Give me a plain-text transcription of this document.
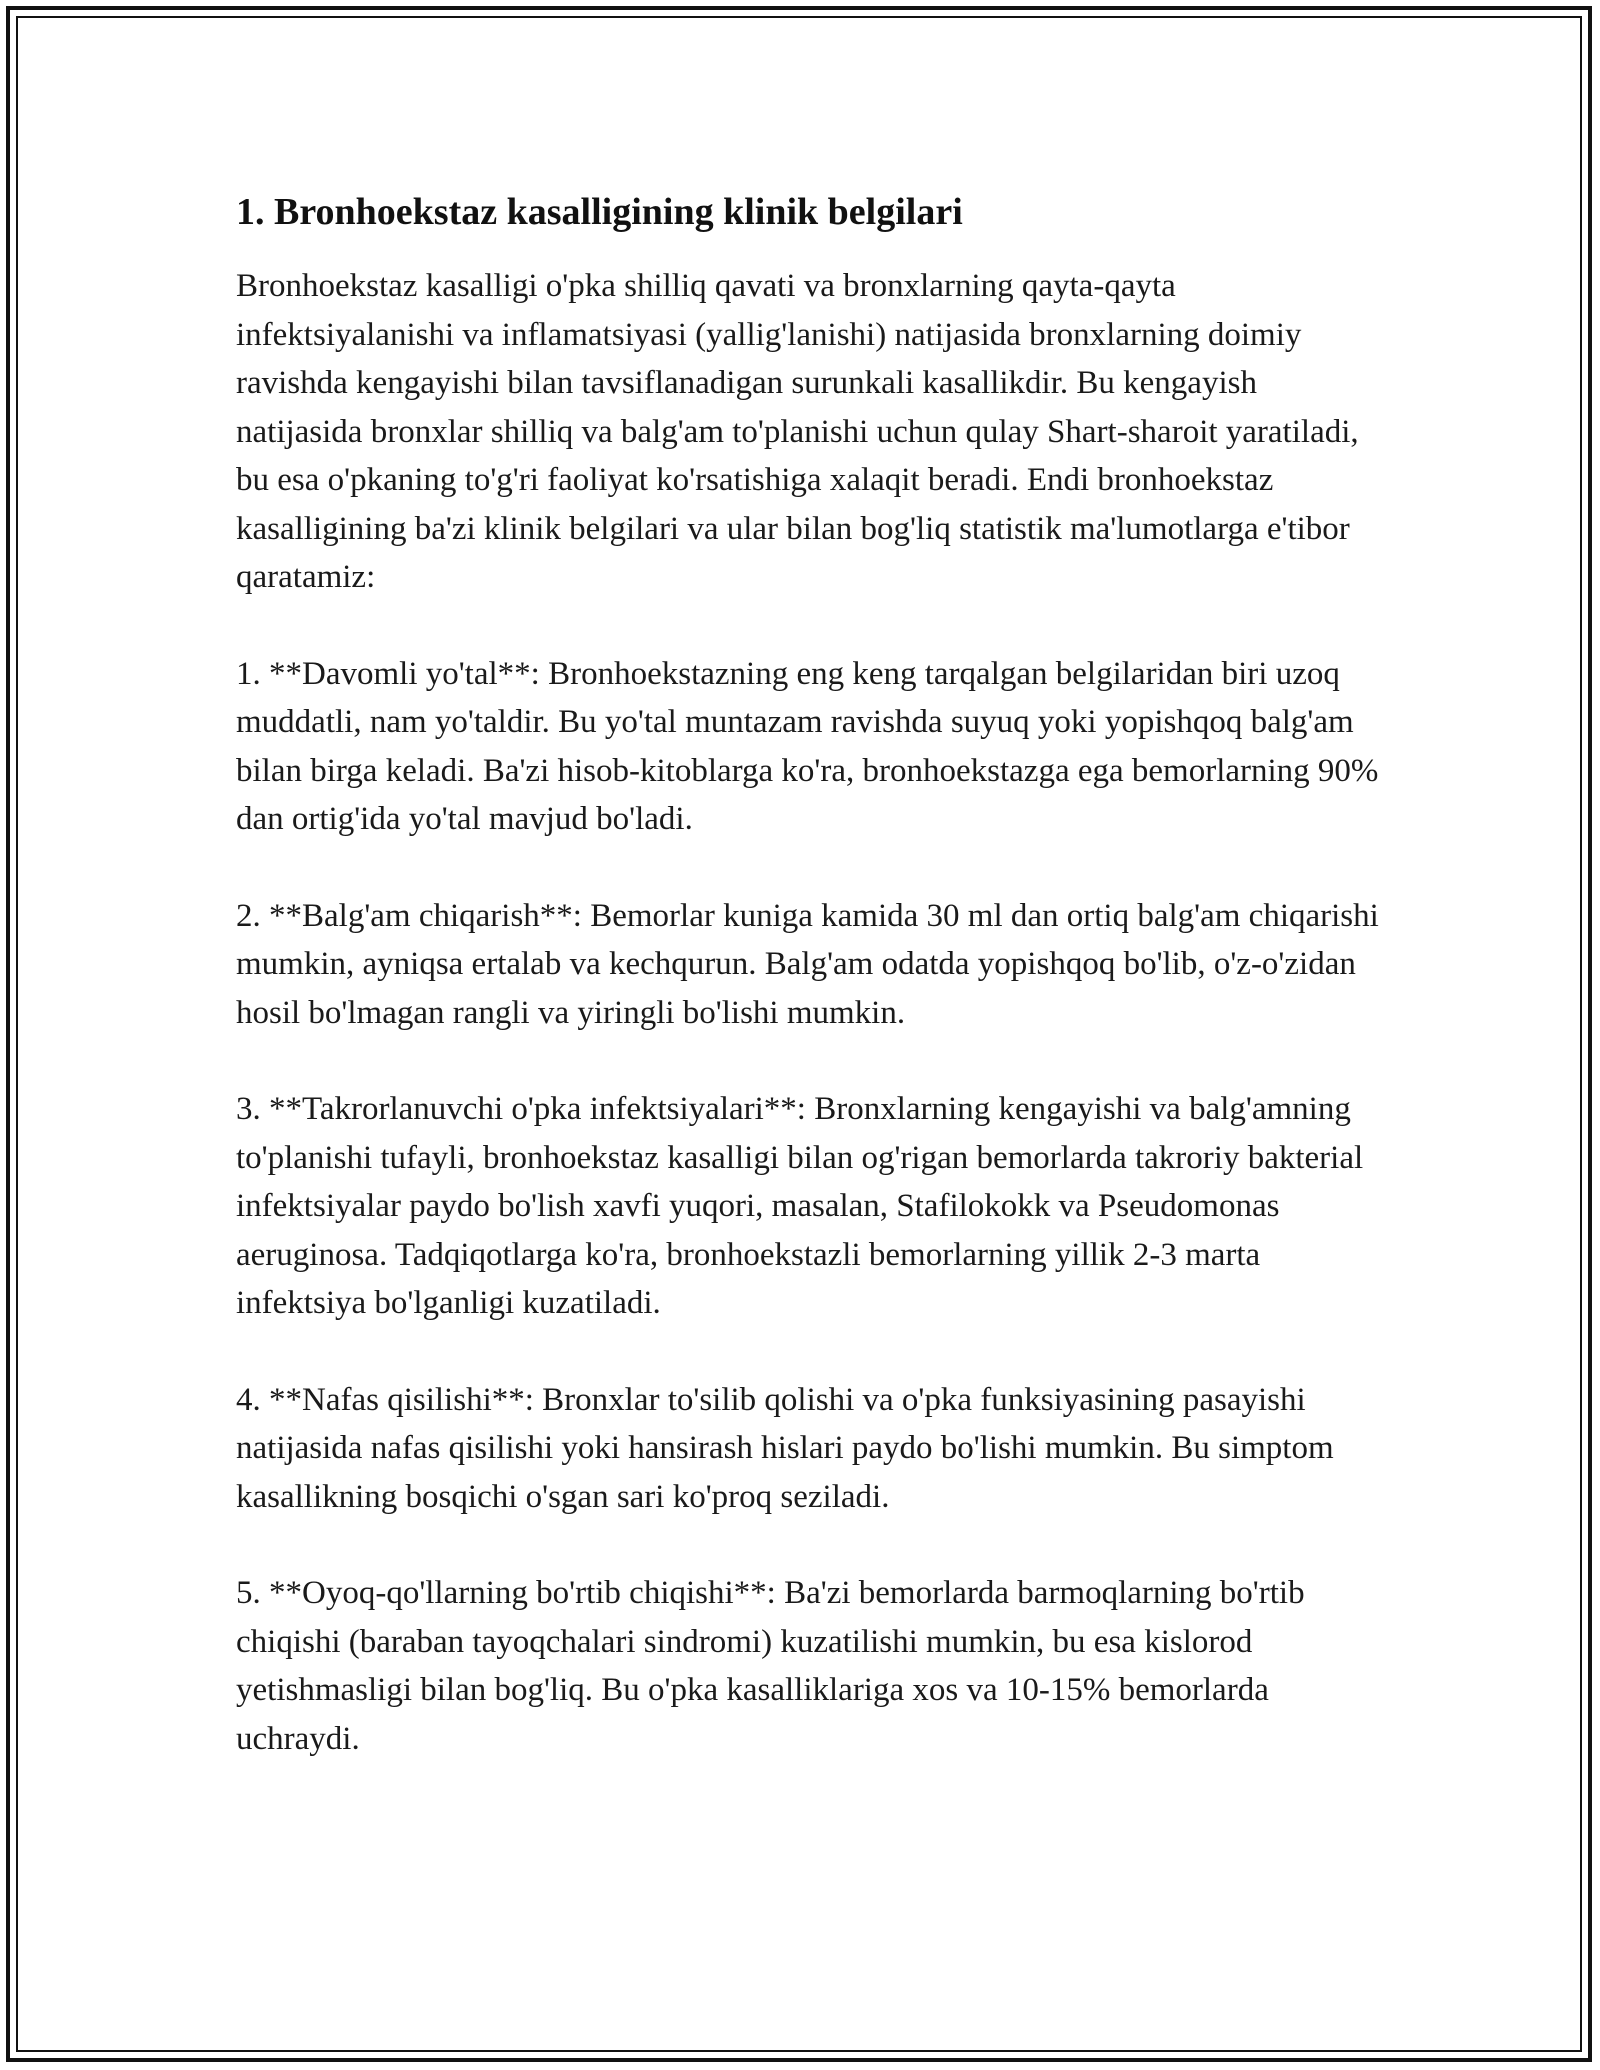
1. Bronhoekstaz kasalligining klinik belgilari

Bronhoekstaz kasalligi o'pka shilliq qavati va bronxlarning qayta-qayta infektsiyalanishi va inflamatsiyasi (yallig'lanishi) natijasida bronxlarning doimiy ravishda kengayishi bilan tavsiflanadigan surunkali kasallikdir. Bu kengayish natijasida bronxlar shilliq va balg'am to'planishi uchun qulay Shart-sharoit yaratiladi, bu esa o'pkaning to'g'ri faoliyat ko'rsatishiga xalaqit beradi. Endi bronhoekstaz kasalligining ba'zi klinik belgilari va ular bilan bog'liq statistik ma'lumotlarga e'tibor qaratamiz:

1. **Davomli yo'tal**: Bronhoekstazning eng keng tarqalgan belgilaridan biri uzoq muddatli, nam yo'taldir. Bu yo'tal muntazam ravishda suyuq yoki yopishqoq balg'am bilan birga keladi. Ba'zi hisob-kitoblarga ko'ra, bronhoekstazga ega bemorlarning 90% dan ortig'ida yo'tal mavjud bo'ladi.

2. **Balg'am chiqarish**: Bemorlar kuniga kamida 30 ml dan ortiq balg'am chiqarishi mumkin, ayniqsa ertalab va kechqurun. Balg'am odatda yopishqoq bo'lib, o'z-o'zidan hosil bo'lmagan rangli va yiringli bo'lishi mumkin.

3. **Takrorlanuvchi o'pka infektsiyalari**: Bronxlarning kengayishi va balg'amning to'planishi tufayli, bronhoekstaz kasalligi bilan og'rigan bemorlarda takroriy bakterial infektsiyalar paydo bo'lish xavfi yuqori, masalan, Stafilokokk va Pseudomonas aeruginosa. Tadqiqotlarga ko'ra, bronhoekstazli bemorlarning yillik 2-3 marta infektsiya bo'lganligi kuzatiladi.

4. **Nafas qisilishi**: Bronxlar to'silib qolishi va o'pka funksiyasining pasayishi natijasida nafas qisilishi yoki hansirash hislari paydo bo'lishi mumkin. Bu simptom kasallikning bosqichi o'sgan sari ko'proq seziladi.

5. **Oyoq-qo'llarning bo'rtib chiqishi**: Ba'zi bemorlarda barmoqlarning bo'rtib chiqishi (baraban tayoqchalari sindromi) kuzatilishi mumkin, bu esa kislorod yetishmasligi bilan bog'liq. Bu o'pka kasalliklariga xos va 10-15% bemorlarda uchraydi.
